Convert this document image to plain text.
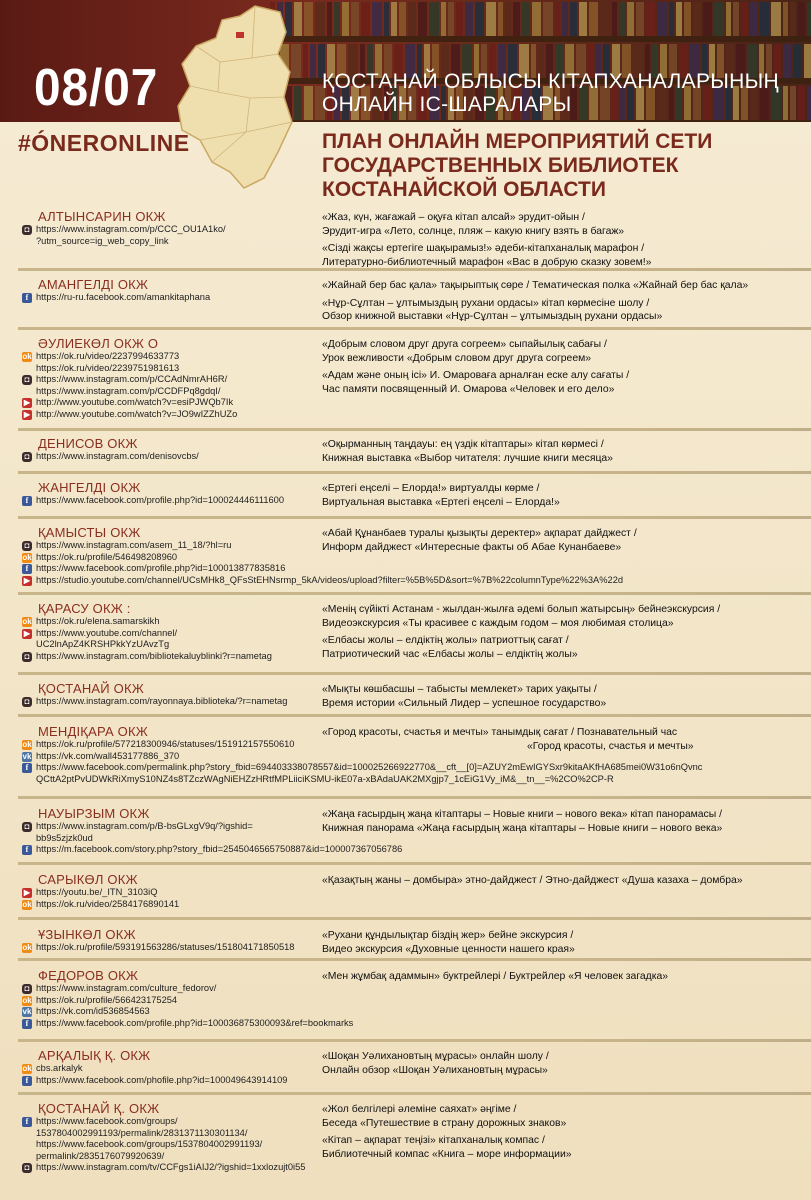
08/07	ҚОСТАНАЙ ОБЛЫСЫ КІТАПХАНАЛАРЫНЫҢ ОНЛАЙН ІС-ШАРАЛАРЫ
#ÓNERONLINE	ПЛАН ОНЛАЙН МЕРОПРИЯТИЙ СЕТИ ГОСУДАРСТВЕННЫХ БИБЛИОТЕК КОСТАНАЙСКОЙ ОБЛАСТИ
АЛТЫНСАРИН ОКЖ
◘ https://www.instagram.com/p/CCC_OU1A1ko/
?utm_source=ig_web_copy_link
«Жаз, күн, жағажай – оқуға кітап алсай» эрудит-ойын /
Эрудит-игра «Лето, солнце, пляж – какую книгу взять в багаж»
«Сізді жақсы ертегіге шақырамыз!» әдеби-кітапханалық марафон /
Литературно-библиотечный марафон «Вас в добрую сказку зовем!»
АМАНГЕЛДІ ОКЖ
f https://ru-ru.facebook.com/amankitaphana
«Жайнай бер бас қала» тақырыптық сөре / Тематическая полка «Жайнай бер бас қала»
«Нұр-Сұлтан – ұлтымыздың рухани ордасы» кітап көрмесіне шолу /
Обзор книжной выставки «Нұр-Сұлтан – ұлтымыздың рухани ордасы»
ӘУЛИЕКӨЛ ОКЖ О
ok https://ok.ru/video/2237994633773
https://ok.ru/video/2239751981613
◘ https://www.instagram.com/p/CCAdNmrAH6R/
https://www.instagram.com/p/CCDFPq8gdqI/
▶ http://www.youtube.com/watch?v=esiPJWQb7Ik
▶ http://www.youtube.com/watch?v=JO9wIZZhUZo
«Добрым словом друг друга согреем» сыпайылық сабағы /
Урок вежливости «Добрым словом друг друга согреем»
«Адам және оның ісі» И. Омароваға арналған еске алу сағаты /
Час памяти посвященный И. Омарова «Человек и его дело»
ДЕНИСОВ ОКЖ
◘ https://www.instagram.com/denisovcbs/
«Оқырманның таңдауы: ең үздік кітаптары» кітап көрмесі /
Книжная выставка «Выбор читателя: лучшие книги месяца»
ЖАНГЕЛДІ ОКЖ
f https://www.facebook.com/profile.php?id=100024446111600
«Ертегі еңселі – Елорда!» виртуалды көрме /
Виртуальная выставка «Ертегі еңселі – Елорда!»
ҚАМЫСТЫ ОКЖ
◘ https://www.instagram.com/asem_11_18/?hl=ru
ok https://ok.ru/profile/546498208960
f https://www.facebook.com/profile.php?id=100013877835816
▶ https://studio.youtube.com/channel/UCsMHk8_QFsStEHNsrmp_5kA/videos/upload?filter=%5B%5D&sort=%7B%22columnType%22%3A%22d
«Абай Құнанбаев туралы қызықты деректер» ақпарат дайджест /
Информ дайджест «Интересные факты об Абае Кунанбаеве»
ҚАРАСУ ОКЖ :
ok https://ok.ru/elena.samarskikh
▶ https://www.youtube.com/channel/
UC2lnApZ4KRSHPkkYzUAvzTg
◘ https://www.instagram.com/bibliotekaluyblinki?r=nametag
«Менің сүйікті Астанам - жылдан-жылға әдемі болып жатырсың» бейнеэкскурсия /
Видеоэкскурсия «Ты красивее с каждым годом – моя любимая столица»
«Елбасы жолы – елдіктің жолы» патриоттық сағат /
Патриотический час «Елбасы жолы – елдіктің жолы»
ҚОСТАНАЙ ОКЖ
◘ https://www.instagram.com/rayonnaya.biblioteka/?r=nametag
«Мықты көшбасшы – табысты мемлекет» тарих уақыты /
Время истории «Сильный Лидер – успешное государство»
МЕНДІҚАРА ОКЖ
ok https://ok.ru/profile/577218300946/statuses/151912157550610
vk https://vk.com/wall453177886_370
f https://www.facebook.com/permalink.php?story_fbid=694403338078557&id=100025266922770&__cft__[0]=AZUY2mEwIGYSxr9kitaAKfHA685mei0W31o6nQvnc
QCttA2ptPvUDWkRiXmyS10NZ4s8TZczWAgNiEHZzHRtfMPLiiciKSMU-ikE07a-xBAdaUAK2MXgjp7_1cEiG1Vy_iM&__tn__=%2CO%2CP-R
«Город красоты, счастья и мечты» танымдық сағат / Познавательный час
«Город красоты, счастья и мечты»
НАУЫРЗЫМ ОКЖ
◘ https://www.instagram.com/p/B-bsGLxgV9q/?igshid=
bb9s5zjzk0ud
f https://m.facebook.com/story.php?story_fbid=2545046565750887&id=100007367056786
«Жаңа ғасырдың жаңа кітаптары – Новые книги – нового века» кітап панорамасы /
Книжная панорама «Жаңа ғасырдың жаңа кітаптары – Новые книги – нового века»
САРЫКӨЛ ОКЖ
▶ https://youtu.be/_ITN_3103iQ
ok https://ok.ru/video/2584176890141
«Қазақтың жаны – домбыра» этно-дайджест / Этно-дайджест «Душа казаха – домбра»
ҰЗЫНКӨЛ ОКЖ
ok https://ok.ru/profile/593191563286/statuses/151804171850518
«Рухани құндылықтар біздің жер» бейне экскурсия /
Видео экскурсия «Духовные ценности нашего края»
ФЕДОРОВ ОКЖ
◘ https://www.instagram.com/culture_fedorov/
ok https://ok.ru/profile/566423175254
vk https://vk.com/id536854563
f https://www.facebook.com/profile.php?id=100036875300093&ref=bookmarks
«Мен жұмбақ адаммын» буктрейлері / Буктрейлер «Я человек загадка»
АРҚАЛЫҚ Қ. ОКЖ
ok cbs.arkalyk
f https://www.facebook.com/phofile.php?id=100049643914109
«Шоқан Уәлихановтың мұрасы» онлайн шолу /
Онлайн обзор «Шоқан Уәлихановтың мұрасы»
ҚОСТАНАЙ Қ. ОКЖ
f https://www.facebook.com/groups/
1537804002991193/permalink/2831371130301134/
https://www.facebook.com/groups/1537804002991193/
permalink/2835176079920639/
◘ https://www.instagram.com/tv/CCFgs1iAIJ2/?igshid=1xxlozujt0i55
«Жол белгілері әлеміне саяхат» әңгіме /
Беседа «Путешествие в страну дорожных знаков»
«Кітап – ақпарат теңізі» кітапханалық компас /
Библиотечный компас «Книга – море информации»
